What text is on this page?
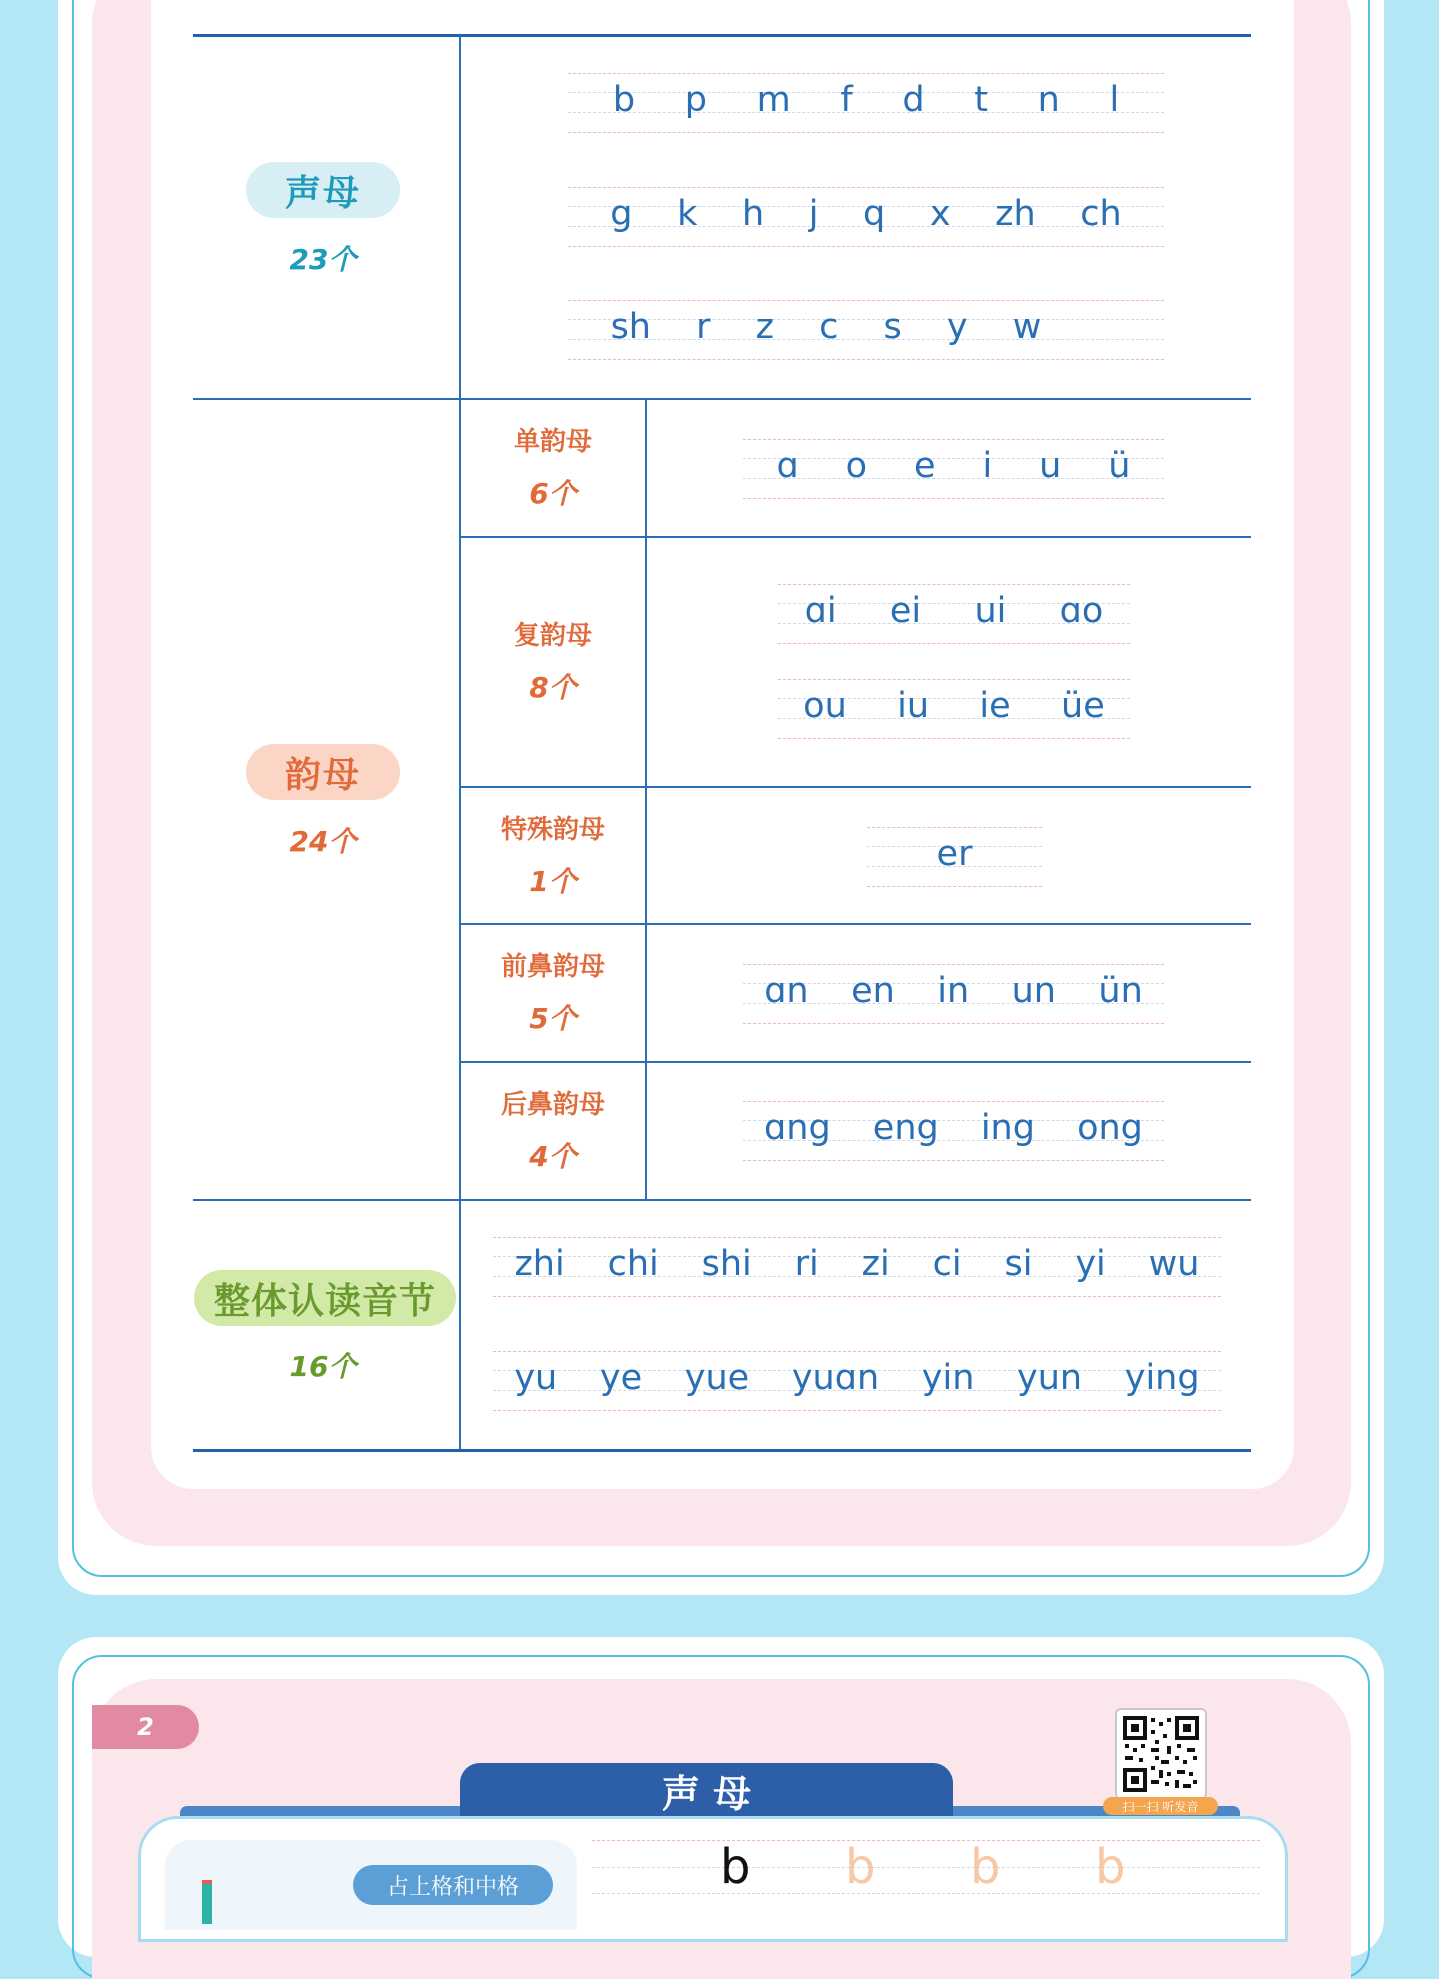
声母
23个
b p m f d t n l
g k h j q x zh ch
sh r z c s y w
韵母
24个
单韵母
6个
复韵母
8个
特殊韵母
1个
前鼻韵母
5个
后鼻韵母
4个
ɑ o e i u ü
ɑi ei ui ɑo
ou iu ie üe
er
ɑn en in un ün
ɑng eng ing ong
整体认读音节
16个
zhi chi shi ri zi ci si yi wu
yu ye yue yuɑn yin yun ying
2
声 母	扫一扫 听发音
占上格和中格	b b b b
